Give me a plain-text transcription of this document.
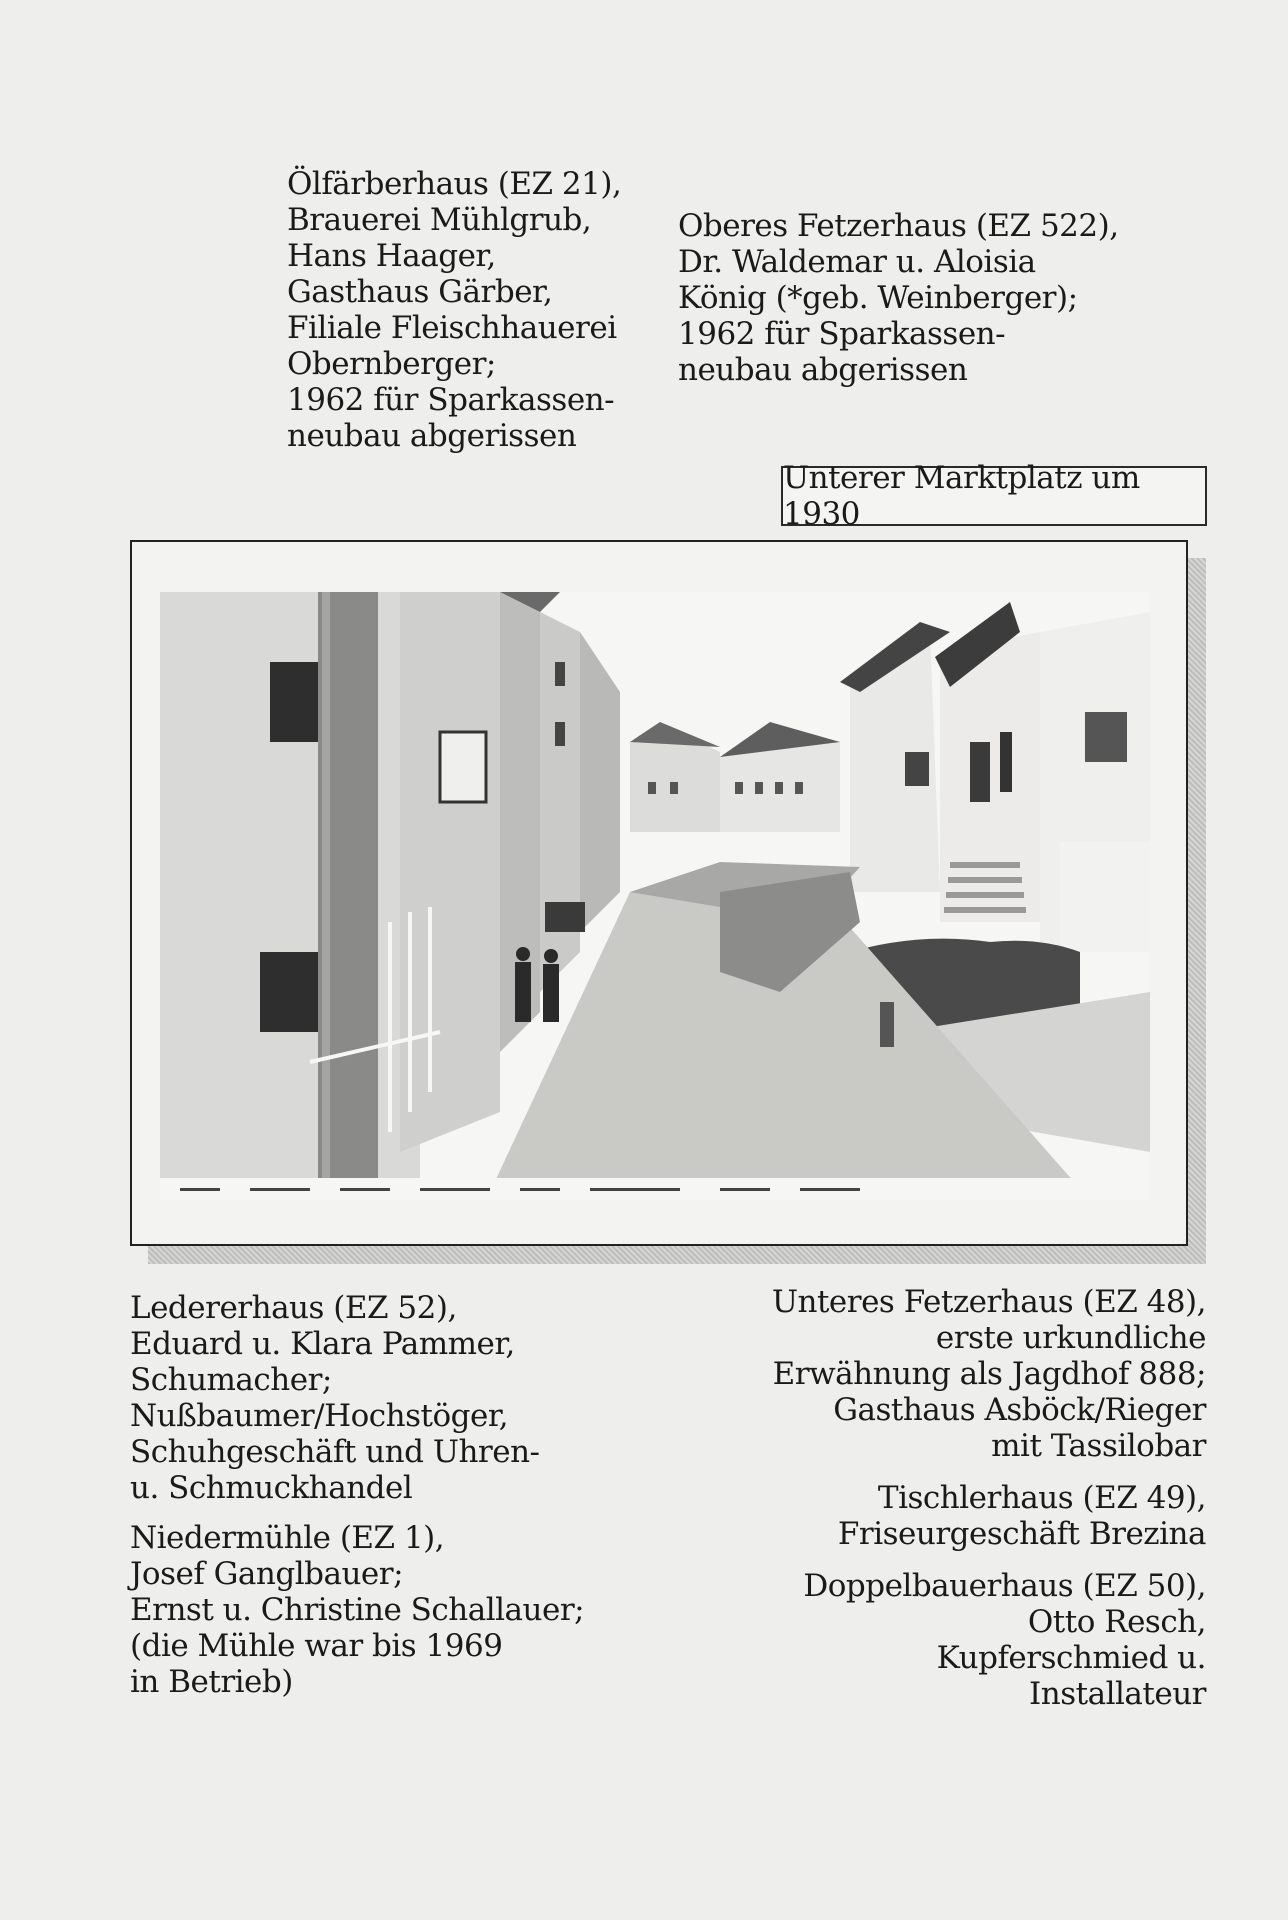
Ölfärberhaus (EZ 21),
Brauerei Mühlgrub,
Hans Haager,
Gasthaus Gärber,
Filiale Fleischhauerei
Obernberger;
1962 für Sparkassen-
neubau abgerissen
Oberes Fetzerhaus (EZ 522),
Dr. Waldemar u. Aloisia
König (*geb. Weinberger);
1962 für Sparkassen-
neubau abgerissen
Unterer Marktplatz um 1930
Ledererhaus (EZ 52),
Eduard u. Klara Pammer,
Schumacher;
Nußbaumer/Hochstöger,
Schuhgeschäft und Uhren-
u. Schmuckhandel
Niedermühle (EZ 1),
Josef Ganglbauer;
Ernst u. Christine Schallauer;
(die Mühle war bis 1969
in Betrieb)
Unteres Fetzerhaus (EZ 48),
erste urkundliche
Erwähnung als Jagdhof 888;
Gasthaus Asböck/Rieger
mit Tassilobar
Tischlerhaus (EZ 49),
Friseurgeschäft Brezina
Doppelbauerhaus (EZ 50),
Otto Resch,
Kupferschmied u.
Installateur
